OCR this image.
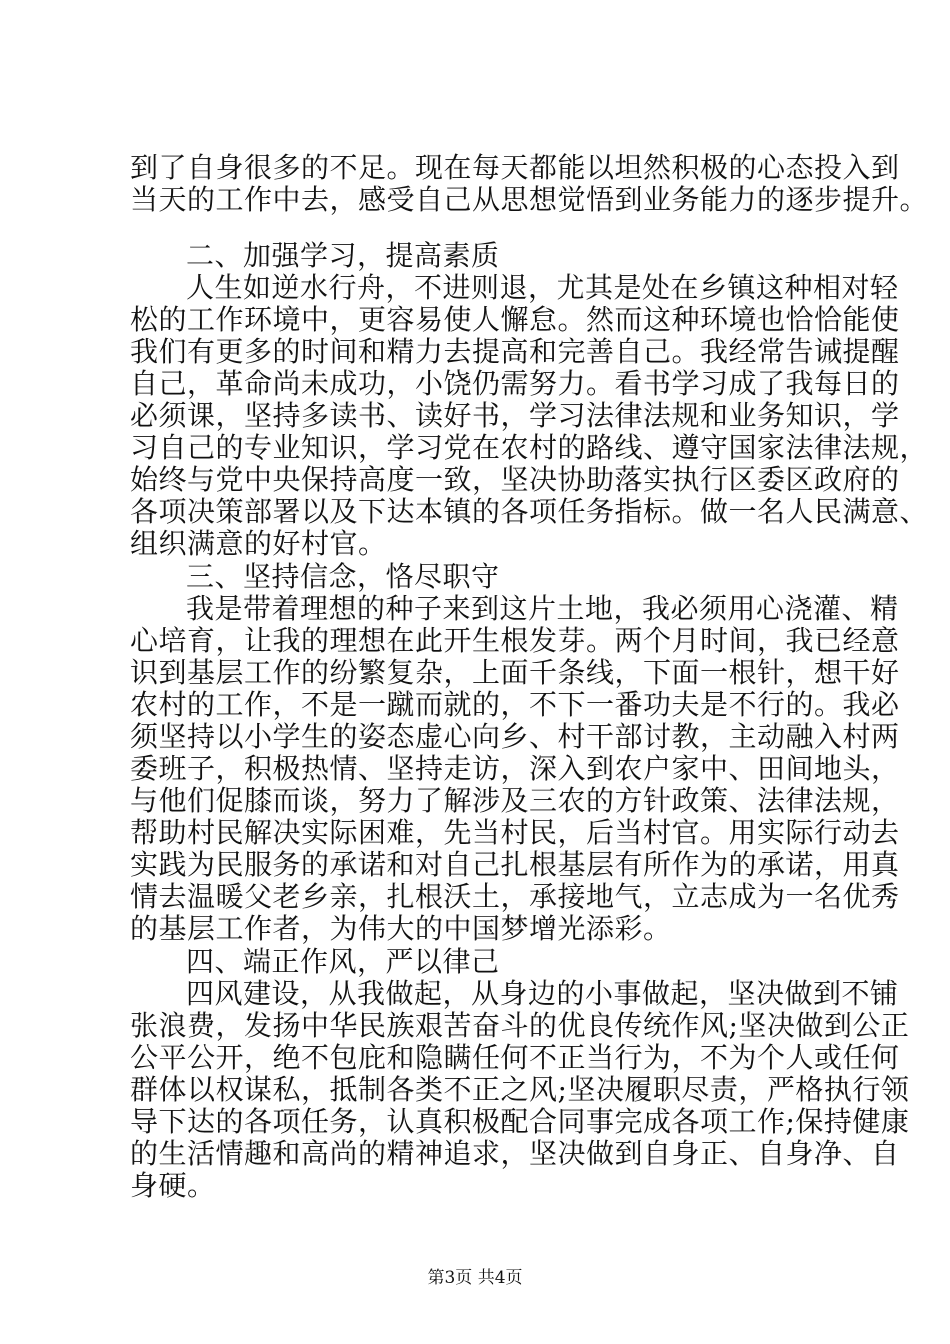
到了自身很多的不足。现在每天都能以坦然积极的心态投入到
当天的工作中去，感受自己从思想觉悟到业务能力的逐步提升。
二、加强学习，提高素质
人生如逆水行舟，不进则退，尤其是处在乡镇这种相对轻
松的工作环境中，更容易使人懈怠。然而这种环境也恰恰能使
我们有更多的时间和精力去提高和完善自己。我经常告诫提醒
自己，革命尚未成功，小饶仍需努力。看书学习成了我每日的
必须课，坚持多读书、读好书，学习法律法规和业务知识，学
习自己的专业知识，学习党在农村的路线、遵守国家法律法规，
始终与党中央保持高度一致，坚决协助落实执行区委区政府的
各项决策部署以及下达本镇的各项任务指标。做一名人民满意、
组织满意的好村官。
三、坚持信念，恪尽职守
我是带着理想的种子来到这片土地，我必须用心浇灌、精
心培育，让我的理想在此开生根发芽。两个月时间，我已经意
识到基层工作的纷繁复杂，上面千条线，下面一根针，想干好
农村的工作，不是一蹴而就的，不下一番功夫是不行的。我必
须坚持以小学生的姿态虚心向乡、村干部讨教，主动融入村两
委班子，积极热情、坚持走访，深入到农户家中、田间地头，
与他们促膝而谈，努力了解涉及三农的方针政策、法律法规，
帮助村民解决实际困难，先当村民，后当村官。用实际行动去
实践为民服务的承诺和对自己扎根基层有所作为的承诺，用真
情去温暖父老乡亲，扎根沃土，承接地气，立志成为一名优秀
的基层工作者，为伟大的中国梦增光添彩。
四、端正作风，严以律己
四风建设，从我做起，从身边的小事做起，坚决做到不铺
张浪费，发扬中华民族艰苦奋斗的优良传统作风;坚决做到公正
公平公开，绝不包庇和隐瞒任何不正当行为，不为个人或任何
群体以权谋私，抵制各类不正之风;坚决履职尽责，严格执行领
导下达的各项任务，认真积极配合同事完成各项工作;保持健康
的生活情趣和高尚的精神追求，坚决做到自身正、自身净、自
身硬。
第3页 共4页
